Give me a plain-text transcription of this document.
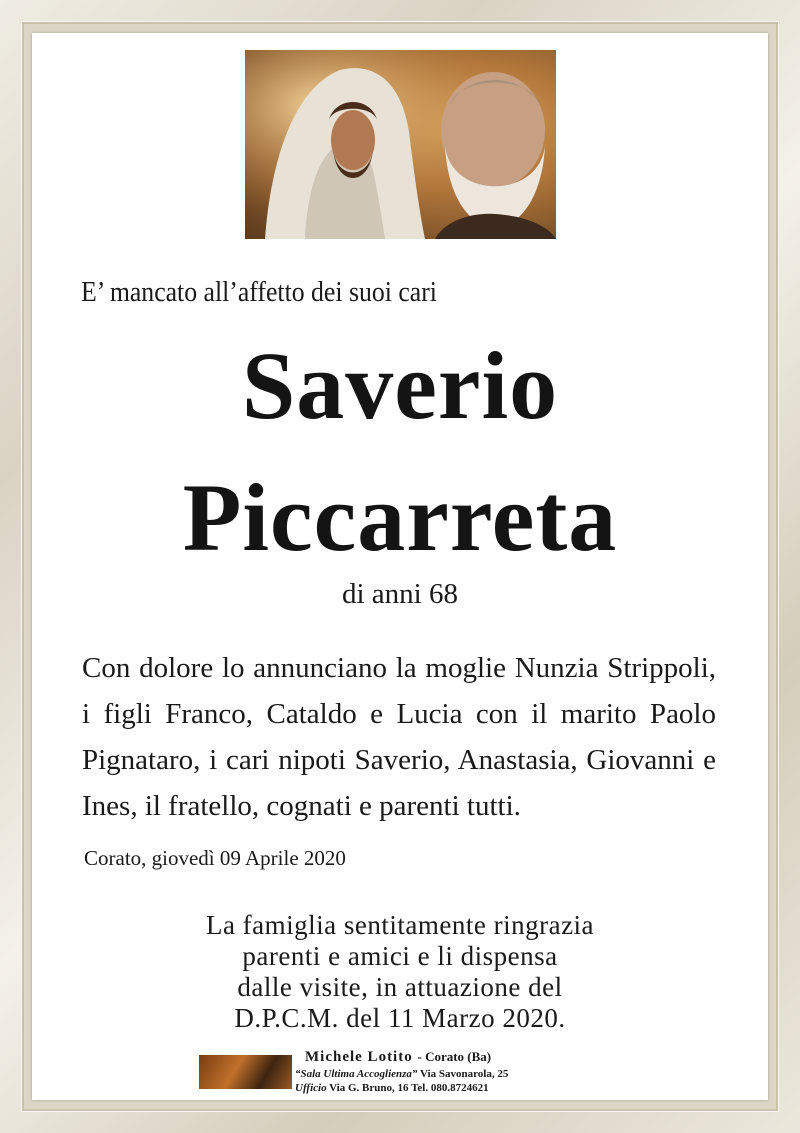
E’ mancato all’affetto dei suoi cari
Saverio
Piccarreta
di anni 68
Con dolore lo annunciano la moglie Nunzia Strippoli, i figli Franco, Cataldo e Lucia con il marito Paolo Pignataro, i cari nipoti Saverio, Anastasia, Giovanni e Ines, il fratello, cognati e parenti tutti.
Corato, giovedì 09 Aprile 2020
La famiglia sentitamente ringrazia
parenti e amici e li dispensa
dalle visite, in attuazione del
D.P.C.M. del 11 Marzo 2020.
Michele Lotito - Corato (Ba)
“Sala Ultima Accoglienza” Via Savonarola, 25
Ufficio Via G. Bruno, 16 Tel. 080.8724621
